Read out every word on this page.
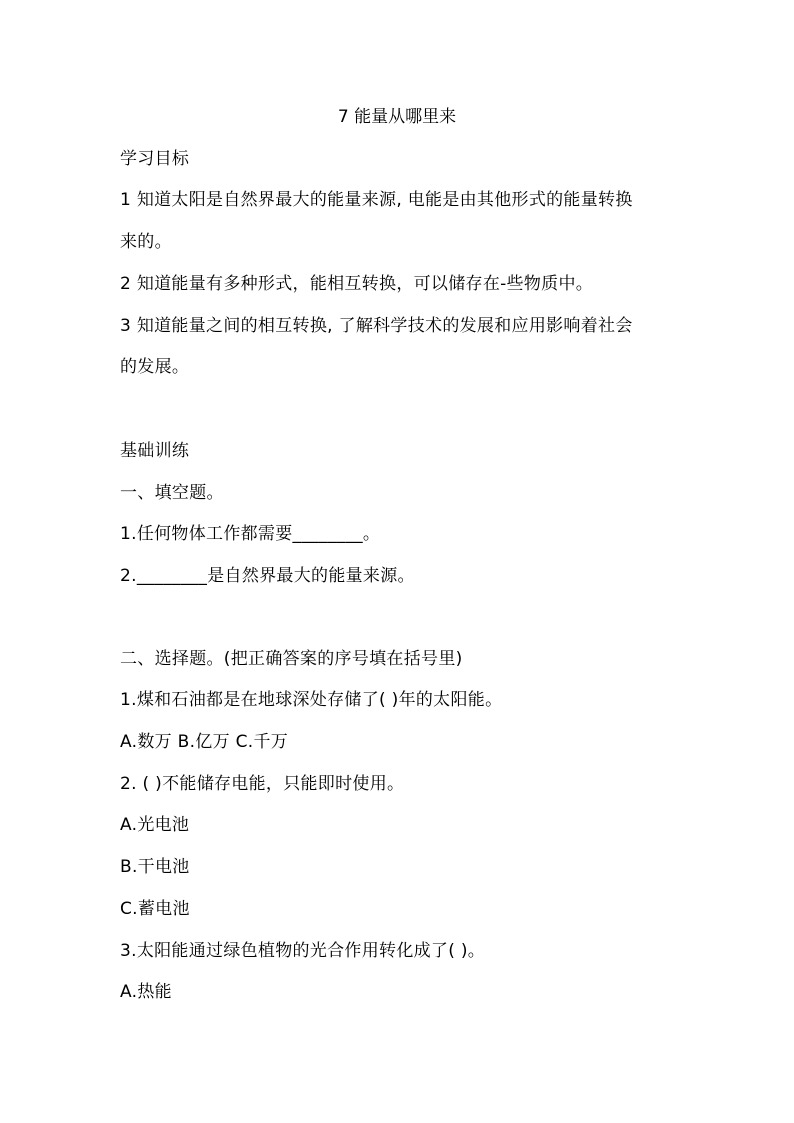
7 能量从哪里来
学习目标
1 知道太阳是自然界最大的能量来源, 电能是由其他形式的能量转换
来的。
2 知道能量有多种形式，能相互转换，可以储存在-些物质中。
3 知道能量之间的相互转换, 了解科学技术的发展和应用影响着社会
的发展。
基础训练
一、填空题。
1.任何物体工作都需要________。
2.________是自然界最大的能量来源。
二、选择题。(把正确答案的序号填在括号里)
1.煤和石油都是在地球深处存储了( )年的太阳能。
A.数万 B.亿万 C.千万
2. ( )不能储存电能，只能即时使用。
A.光电池
B.干电池
C.蓄电池
3.太阳能通过绿色植物的光合作用转化成了( )。
A.热能
